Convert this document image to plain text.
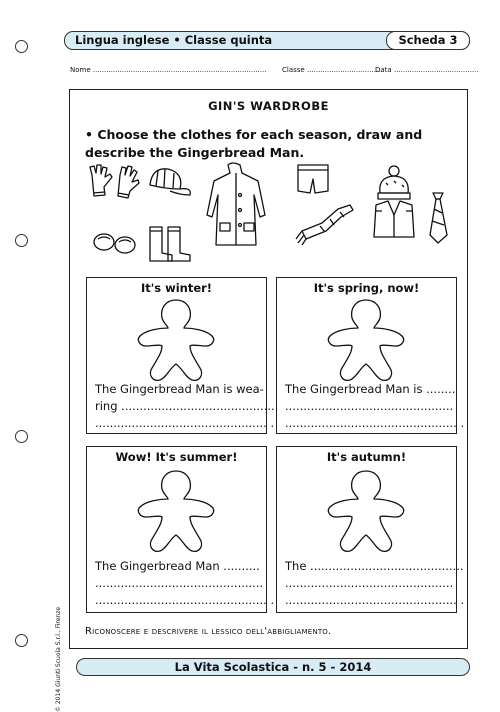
Lingua inglese • Classe quinta	Scheda 3
Nome ..............................................................................	Classe ..................................
Data ......................................
GIN'S WARDROBE
• Choose the clothes for each season, draw and describe the Gingerbread Man.
It's winter!
The Gingerbread Man is wea-
ring ...........................................
............................................... .
It's spring, now!
The Gingerbread Man is ........
..............................................
............................................... .
Wow! It's summer!
The Gingerbread Man ..........
..............................................
............................................... .
It's autumn!
The ..........................................
..............................................
............................................... .
Riconoscere e descrivere il lessico dell'abbigliamento.
© 2014 Giunti Scuola S.r.l., Firenze	La Vita Scolastica - n. 5 - 2014
